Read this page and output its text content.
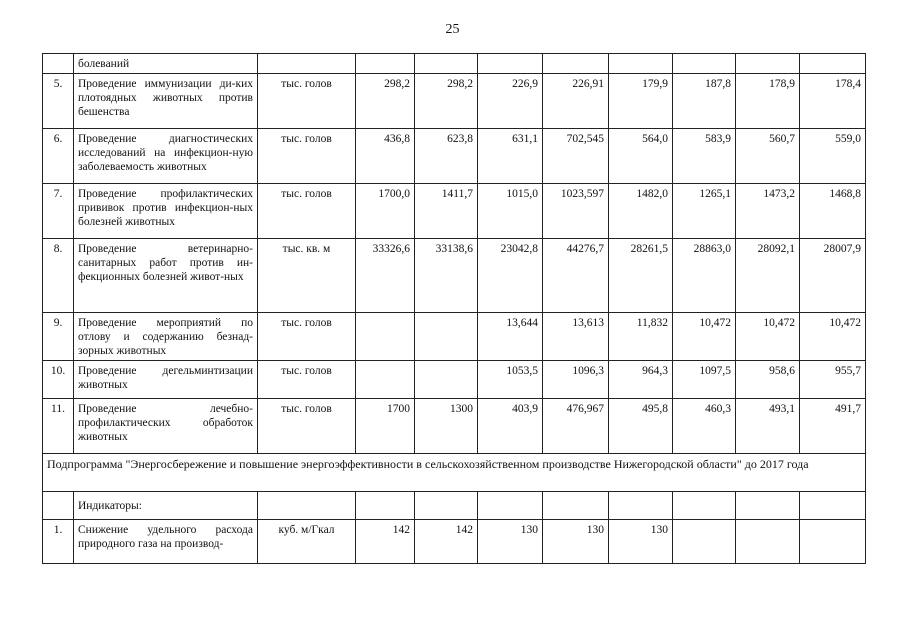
25
	болеваний									
5.	Проведение иммунизации ди-ких плотоядных животных против бешенства	тыс. голов	298,2	298,2	226,9	226,91	179,9	187,8	178,9	178,4
6.	Проведение диагностических исследований на инфекцион-ную заболеваемость животных	тыс. голов	436,8	623,8	631,1	702,545	564,0	583,9	560,7	559,0
7.	Проведение профилактических прививок против инфекцион-ных болезней животных	тыс. голов	1700,0	1411,7	1015,0	1023,597	1482,0	1265,1	1473,2	1468,8
8.	Проведение ветеринарно-санитарных работ против ин-фекционных болезней живот-ных	тыс. кв. м	33326,6	33138,6	23042,8	44276,7	28261,5	28863,0	28092,1	28007,9
9.	Проведение мероприятий по отлову и содержанию безнад-зорных животных	тыс. голов			13,644	13,613	11,832	10,472	10,472	10,472
10.	Проведение дегельминтизации животных	тыс. голов			1053,5	1096,3	964,3	1097,5	958,6	955,7
11.	Проведение лечебно-профилактических обработок животных	тыс. голов	1700	1300	403,9	476,967	495,8	460,3	493,1	491,7
Подпрограмма "Энергосбережение и повышение энергоэффективности в сельскохозяйственном производстве Нижегородской области" до 2017 года										
	Индикаторы:									
1.	Снижение удельного расхода природного газа на производ-	куб. м/Гкал	142	142	130	130	130			
